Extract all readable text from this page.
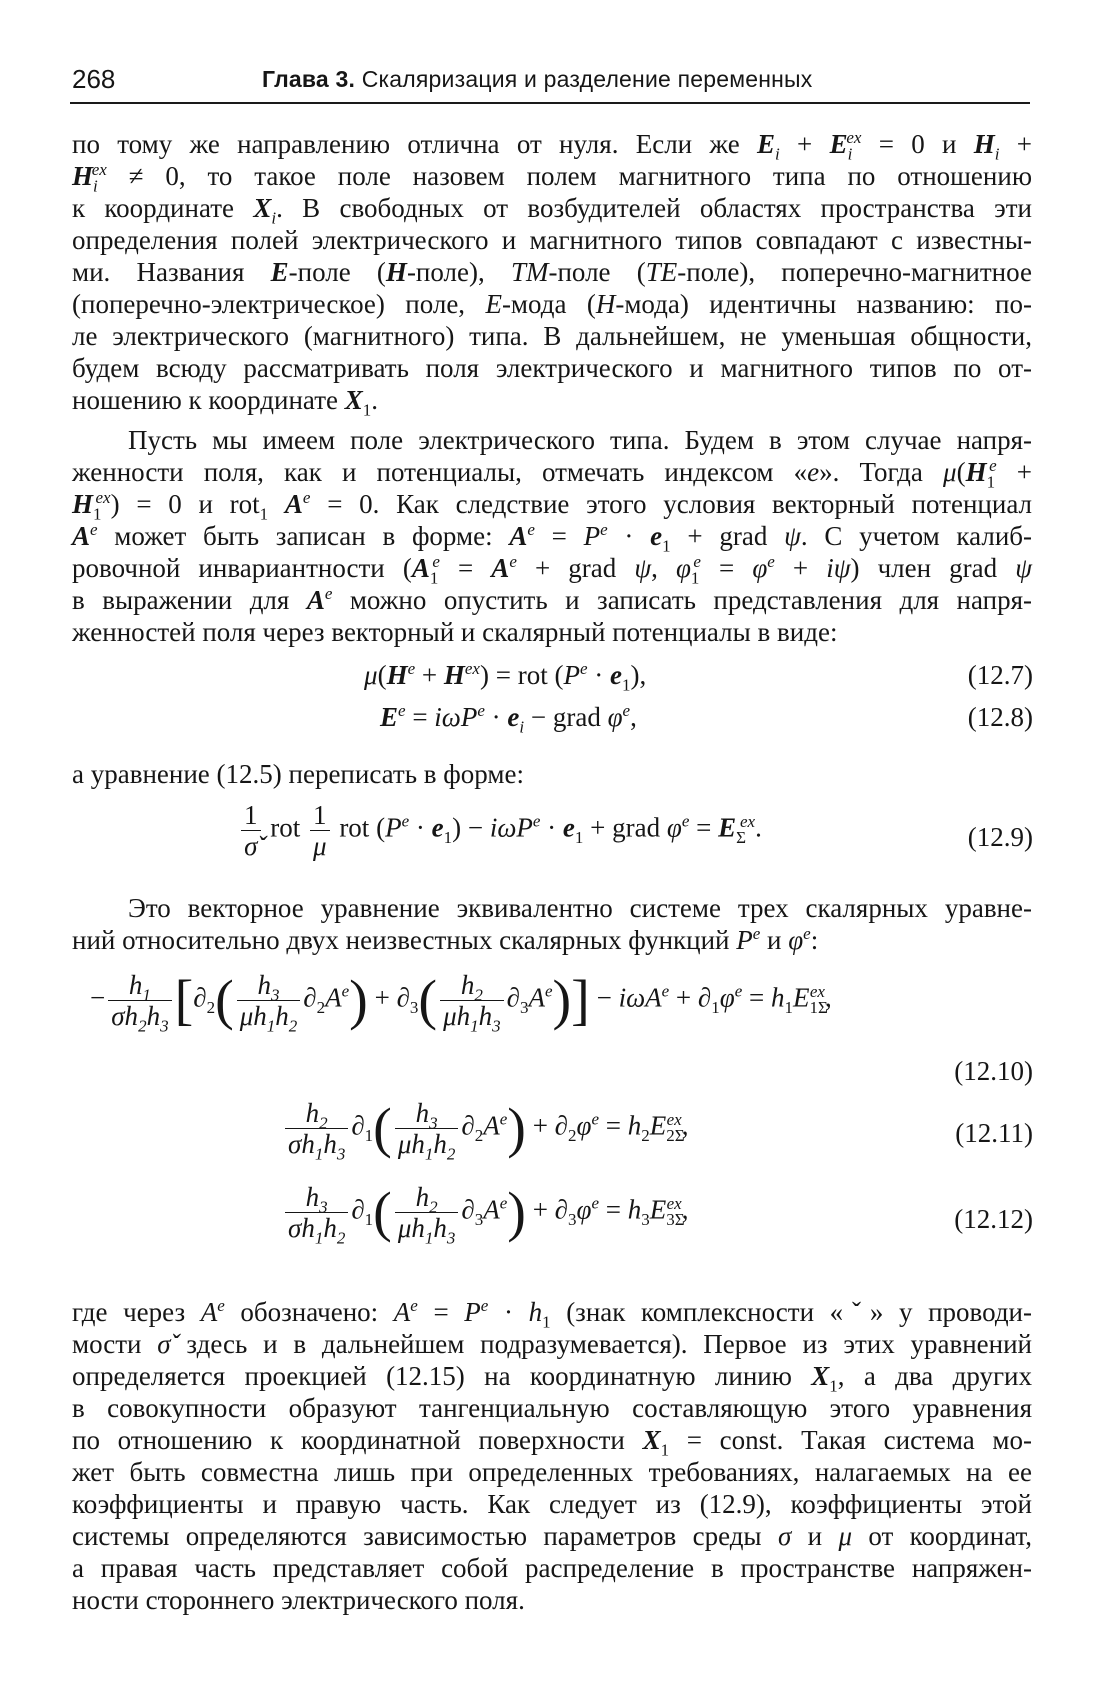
268	Глава 3. Скаляризация и разделение переменных
по тому же направлению отлична от нуля. Если же $E_i + E_i^{ex} = 0$ и $H_i$ +
$H_i^{ex} \ne 0$, то такое поле назовем полем магнитного типа по отношению
к координате $X_i$. В свободных от возбудителей областях пространства эти
определения полей электрического и магнитного типов совпадают с известны-
ми. Названия E-поле (H-поле), TM-поле (TE-поле), поперечно-магнитное
(поперечно-электрическое) поле, E-мода (H-мода) идентичны названию: по-
ле электрического (магнитного) типа. В дальнейшем, не уменьшая общности,
будем всюду рассматривать поля электрического и магнитного типов по от-
ношению к координате $X_1$.
Пусть мы имеем поле электрического типа. Будем в этом случае напря-
женности поля, как и потенциалы, отмечать индексом «e». Тогда $\mu(H_1^e$ +
$H_1^{ex}) = 0$ и rot$_1$ $A^e = 0$. Как следствие этого условия векторный потенциал
$A^e$ может быть записан в форме: $A^e = P^e \cdot e_1$ + grad ψ. С учетом калиб-
ровочной инвариантности ($A_1^e = A^e$ + grad ψ, $\varphi_1^e = \varphi^e + i\psi$) член grad ψ
в выражении для $A^e$ можно опустить и записать представления для напря-
женностей поля через векторный и скалярный потенциалы в виде:
$\mu(H^e + H^{ex})$ = rot $(P^e \cdot e_1)$,	(12.7)
$E^e = i\omega P^e \cdot e_i$ − grad $\varphi^e$,	(12.8)
а уравнение (12.5) переписать в форме:
$\frac{1}{\sigmǎ}$ rot $\frac{1}{\mu}$ rot $(P^e \cdot e_1) - i\omega P^e \cdot e_1$ + grad $\varphi^e = E_\Sigma^{ex}$.	(12.9)
Это векторное уравнение эквивалентно системе трех скалярных уравне-
ний относительно двух неизвестных скалярных функций $P^e$ и $\varphi^e$:
− $\frac{h_1}{\sigma h_2h_3} [\partial_2( \frac{h_3}{\mu h_1h_2} \partial_2A^e) + \partial_3( \frac{h_2}{\mu h_1h_3} \partial_3A^e)] - i\omega A^e + \partial_1\varphi^e = h_1E_{1\Sigma}^{ex}$,
(12.10)
$\frac{h_2}{\sigma h_1h_3} \partial_1( \frac{h_3}{\mu h_1h_2} \partial_2A^e) + \partial_2\varphi^e = h_2E_{2\Sigma}^{ex}$,	(12.11)
$\frac{h_3}{\sigma h_1h_2} \partial_1( \frac{h_2}{\mu h_1h_3} \partial_3A^e) + \partial_3\varphi^e = h_3E_{3\Sigma}^{ex}$,	(12.12)
где через $A^e$ обозначено: $A^e = P^e \cdot h_1$ (знак комплексности «ˇ» у проводи-
мости σ̌ здесь и в дальнейшем подразумевается). Первое из этих уравнений
определяется проекцией (12.15) на координатную линию $X_1$, а два других
в совокупности образуют тангенциальную составляющую этого уравнения
по отношению к координатной поверхности $X_1$ = const. Такая система мо-
жет быть совместна лишь при определенных требованиях, налагаемых на ее
коэффициенты и правую часть. Как следует из (12.9), коэффициенты этой
системы определяются зависимостью параметров среды σ и μ от координат,
а правая часть представляет собой распределение в пространстве напряжен-
ности стороннего электрического поля.
